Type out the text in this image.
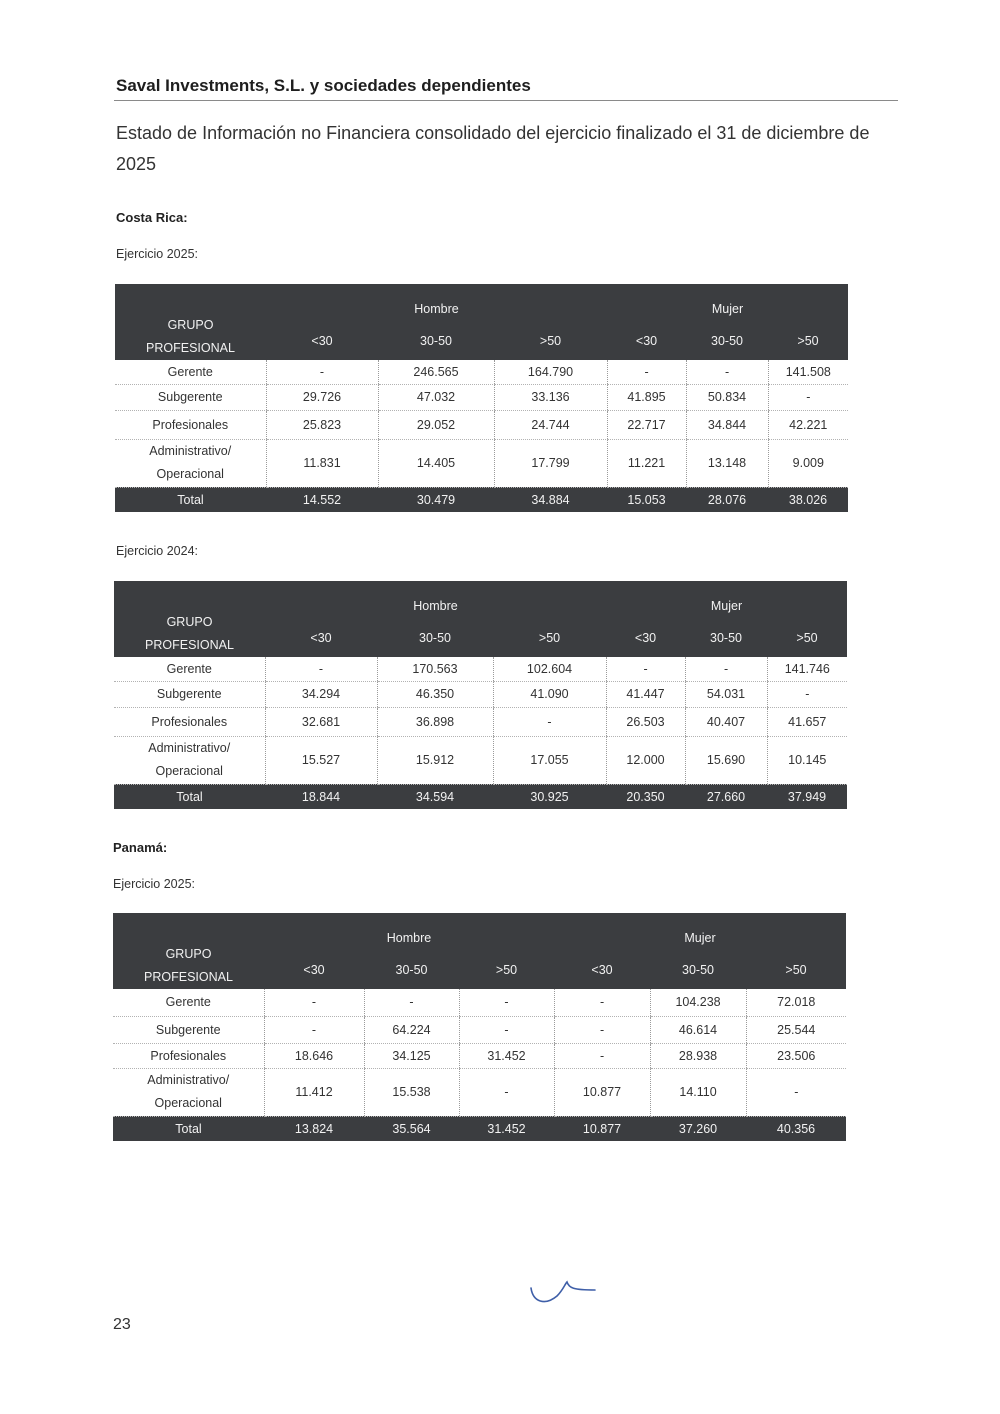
Saval Investments, S.L. y sociedades dependientes
Estado de Información no Financiera consolidado del ejercicio finalizado el 31 de diciembre de 2025
Costa Rica:
Ejercicio 2025:
GRUPO
PROFESIONAL	Hombre			Mujer		
	<30	30-50	>50	<30	30-50	>50
Gerente	-	246.565	164.790	-	-	141.508
Subgerente	29.726	47.032	33.136	41.895	50.834	-
Profesionales	25.823	29.052	24.744	22.717	34.844	42.221
Administrativo/
Operacional	11.831	14.405	17.799	11.221	13.148	9.009
Total	14.552	30.479	34.884	15.053	28.076	38.026
Ejercicio 2024:
GRUPO
PROFESIONAL	Hombre			Mujer		
	<30	30-50	>50	<30	30-50	>50
Gerente	-	170.563	102.604	-	-	141.746
Subgerente	34.294	46.350	41.090	41.447	54.031	-
Profesionales	32.681	36.898	-	26.503	40.407	41.657
Administrativo/
Operacional	15.527	15.912	17.055	12.000	15.690	10.145
Total	18.844	34.594	30.925	20.350	27.660	37.949
Panamá:
Ejercicio 2025:
GRUPO
PROFESIONAL	Hombre			Mujer		
	<30	30-50	>50	<30	30-50	>50
Gerente	-	-	-	-	104.238	72.018
Subgerente	-	64.224	-	-	46.614	25.544
Profesionales	18.646	34.125	31.452	-	28.938	23.506
Administrativo/
Operacional	11.412	15.538	-	10.877	14.110	-
Total	13.824	35.564	31.452	10.877	37.260	40.356
23
